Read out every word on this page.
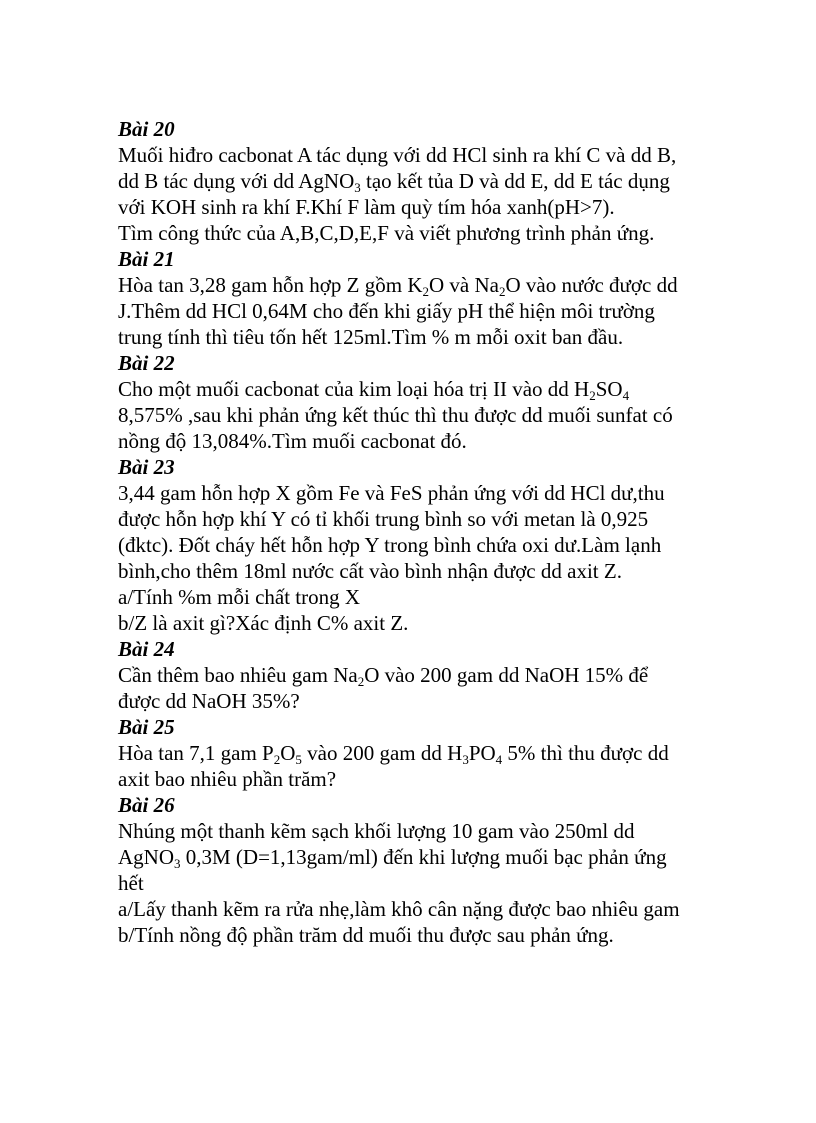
Bài 20

Muối hiđro cacbonat A tác dụng với dd HCl sinh ra khí C và dd B,

dd B tác dụng với dd AgNO$_3$ tạo kết tủa D và dd E, dd E tác dụng

với KOH sinh ra khí F.Khí F làm quỳ tím hóa xanh(pH>7).

Tìm công thức của A,B,C,D,E,F và viết phương trình phản ứng.

Bài 21

Hòa tan 3,28 gam hỗn hợp Z gồm $K_2O$ và $Na_2O$ vào nước được dd

J.Thêm dd HCl 0,64M cho đến khi giấy pH thể hiện môi trường

trung tính thì tiêu tốn hết 125ml.Tìm % m mỗi oxit ban đầu.

Bài 22

Cho một muối cacbonat của kim loại hóa trị II vào dd $H_2SO_4$

8,575% ,sau khi phản ứng kết thúc thì thu được dd muối sunfat có

nồng độ 13,084%.Tìm muối cacbonat đó.

Bài 23

3,44 gam hỗn hợp X gồm Fe và FeS phản ứng với dd HCl dư,thu

được hỗn hợp khí Y có tỉ khối trung bình so với metan là 0,925

(đktc). Đốt cháy hết hỗn hợp Y trong bình chứa oxi dư.Làm lạnh

bình,cho thêm 18ml nước cất vào bình nhận được dd axit Z.

a/Tính %m mỗi chất trong X

b/Z là axit gì?Xác định C% axit Z.

Bài 24

Cần thêm bao nhiêu gam $Na_2O$ vào 200 gam dd NaOH 15% để

được dd NaOH 35%?

Bài 25

Hòa tan 7,1 gam $P_2O_5$ vào 200 gam dd $H_3PO_4$ 5% thì thu được dd

axit bao nhiêu phần trăm?

Bài 26

Nhúng một thanh kẽm sạch khối lượng 10 gam vào 250ml dd

AgNO$_3$ 0,3M (D=1,13gam/ml) đến khi lượng muối bạc phản ứng

hết

a/Lấy thanh kẽm ra rửa nhẹ,làm khô cân nặng được bao nhiêu gam

b/Tính nồng độ phần trăm dd muối thu được sau phản ứng.
